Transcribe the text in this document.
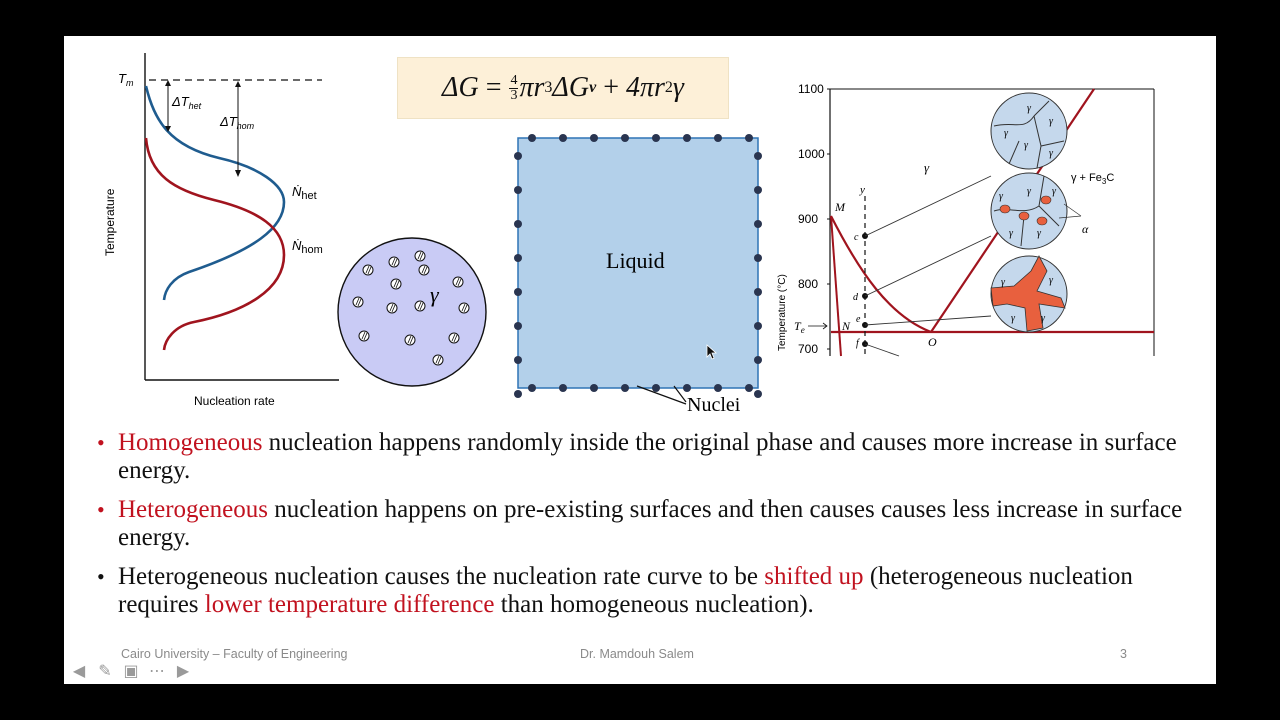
$T_m$
$\Delta T_{het}$
$\Delta T_{hom}$
Ṅ$_{het}$
Ṅ$_{hom}$
Temperature
Nucleation rate
γ
Liquid
Nuclei
1100
1000
900
800
700
Temperature (°C)
γ
$\gamma + Fe_3C$
α
M
N
O
$T_e$
y
c
d
e
f
γ
γ
γ
γ
γ
γ γ γ
γ γ
γ	γ
γ	γ
• Homogeneous nucleation happens randomly inside the original phase and causes more increase in surface energy.
• Heterogeneous nucleation happens on pre-existing surfaces and then causes causes less increase in surface energy.
• Heterogeneous nucleation causes the nucleation rate curve to be shifted up (heterogeneous nucleation requires lower temperature difference than homogeneous nucleation).
ΔG
=
$\frac{4}{3}$ πr 3 ΔG v
+
4πr 2 γ
Cairo University – Faculty of Engineering	Dr. Mamdouh Salem	3
◀ ✎ ▣ ⋯ ▶
